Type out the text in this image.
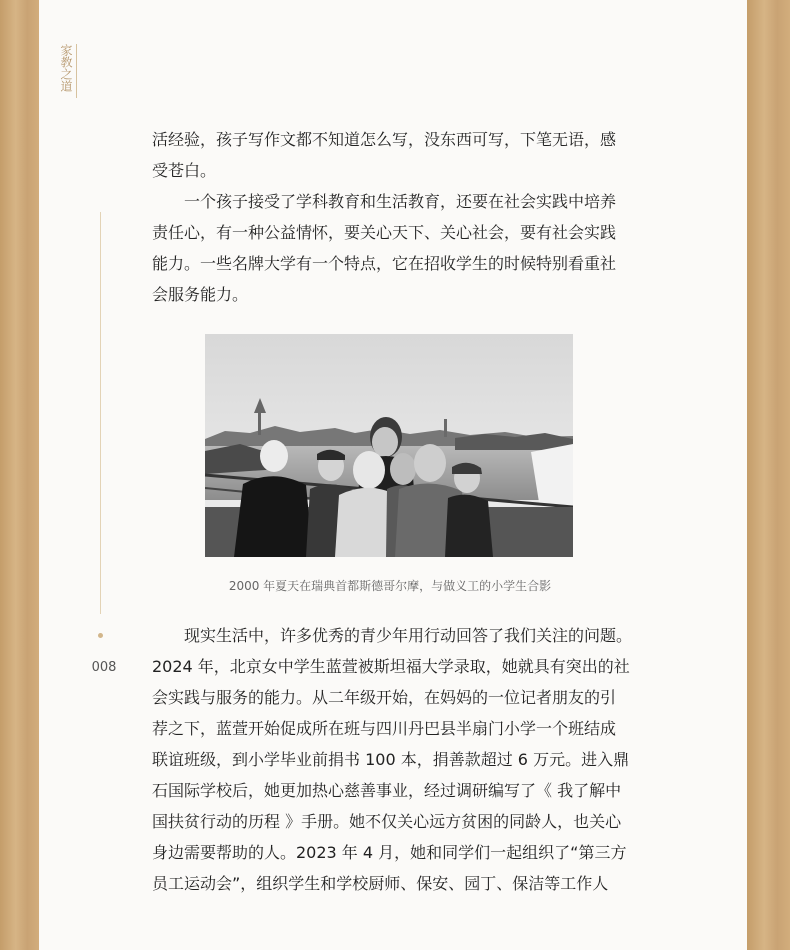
家教之道
008
活经验，孩子写作文都不知道怎么写，没东西可写，下笔无语，感
受苍白。
一个孩子接受了学科教育和生活教育，还要在社会实践中培养
责任心，有一种公益情怀，要关心天下、关心社会，要有社会实践
能力。一些名牌大学有一个特点，它在招收学生的时候特别看重社
会服务能力。
2000 年夏天在瑞典首都斯德哥尔摩，与做义工的小学生合影
现实生活中，许多优秀的青少年用行动回答了我们关注的问题。
2024 年，北京女中学生蓝萱被斯坦福大学录取，她就具有突出的社
会实践与服务的能力。从二年级开始，在妈妈的一位记者朋友的引
荐之下，蓝萱开始促成所在班与四川丹巴县半扇门小学一个班结成
联谊班级，到小学毕业前捐书 100 本，捐善款超过 6 万元。进入鼎
石国际学校后，她更加热心慈善事业，经过调研编写了《 我了解中
国扶贫行动的历程 》手册。她不仅关心远方贫困的同龄人，也关心
身边需要帮助的人。2023 年 4 月，她和同学们一起组织了“第三方
员工运动会”，组织学生和学校厨师、保安、园丁、保洁等工作人
